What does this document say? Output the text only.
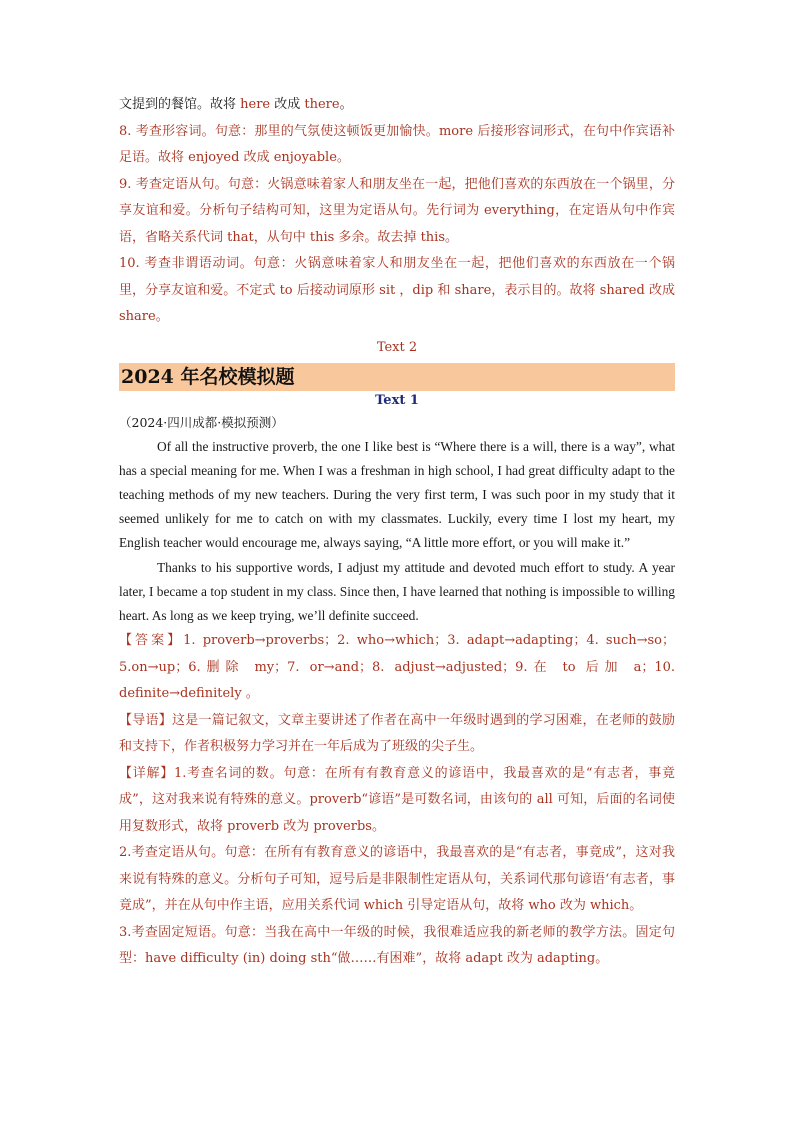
文提到的餐馆。故将 here 改成 there。

8. 考查形容词。句意：那里的气氛使这顿饭更加愉快。more 后接形容词形式，在句中作宾语补足语。故将 enjoyed 改成 enjoyable。

9. 考查定语从句。句意：火锅意味着家人和朋友坐在一起，把他们喜欢的东西放在一个锅里，分享友谊和爱。分析句子结构可知，这里为定语从句。先行词为 everything，在定语从句中作宾语，省略关系代词 that，从句中 this 多余。故去掉 this。

10. 考查非谓语动词。句意：火锅意味着家人和朋友坐在一起，把他们喜欢的东西放在一个锅里，分享友谊和爱。不定式 to 后接动词原形 sit ，dip 和 share，表示目的。故将 shared 改成 share。

Text 2

2024 年名校模拟题

Text 1

（2024·四川成都·模拟预测）

Of all the instructive proverb, the one I like best is “Where there is a will, there is a way”, what has a special meaning for me. When I was a freshman in high school, I had great difficulty adapt to the teaching methods of my new teachers. During the very first term, I was such poor in my study that it seemed unlikely for me to catch on with my classmates. Luckily, every time I lost my heart, my English teacher would encourage me, always saying, “A little more effort, or you will make it.”

Thanks to his supportive words, I adjust my attitude and devoted much effort to study. A year later, I became a top student in my class. Since then, I have learned that nothing is impossible to willing heart. As long as we keep trying, we’ll definite succeed.

【答案】1. proverb→proverbs；2. who→which；3. adapt→adapting；4. such→so；5.on→up；6.删除 my；7. or→and；8. adjust→adjusted；9.在 to 后加 a；10. definite→definitely 。

【导语】这是一篇记叙文，文章主要讲述了作者在高中一年级时遇到的学习困难，在老师的鼓励和支持下，作者积极努力学习并在一年后成为了班级的尖子生。

【详解】1.考查名词的数。句意：在所有有教育意义的谚语中，我最喜欢的是“有志者，事竟成”，这对我来说有特殊的意义。proverb“谚语”是可数名词，由该句的 all 可知，后面的名词使用复数形式，故将 proverb 改为 proverbs。

2.考查定语从句。句意：在所有有教育意义的谚语中，我最喜欢的是“有志者，事竟成”，这对我来说有特殊的意义。分析句子可知，逗号后是非限制性定语从句，关系词代那句谚语‘有志者，事竟成”，并在从句中作主语，应用关系代词 which 引导定语从句，故将 who 改为 which。

3.考查固定短语。句意：当我在高中一年级的时候，我很难适应我的新老师的教学方法。固定句型：have difficulty (in) doing sth“做……有困难”，故将 adapt 改为 adapting。
